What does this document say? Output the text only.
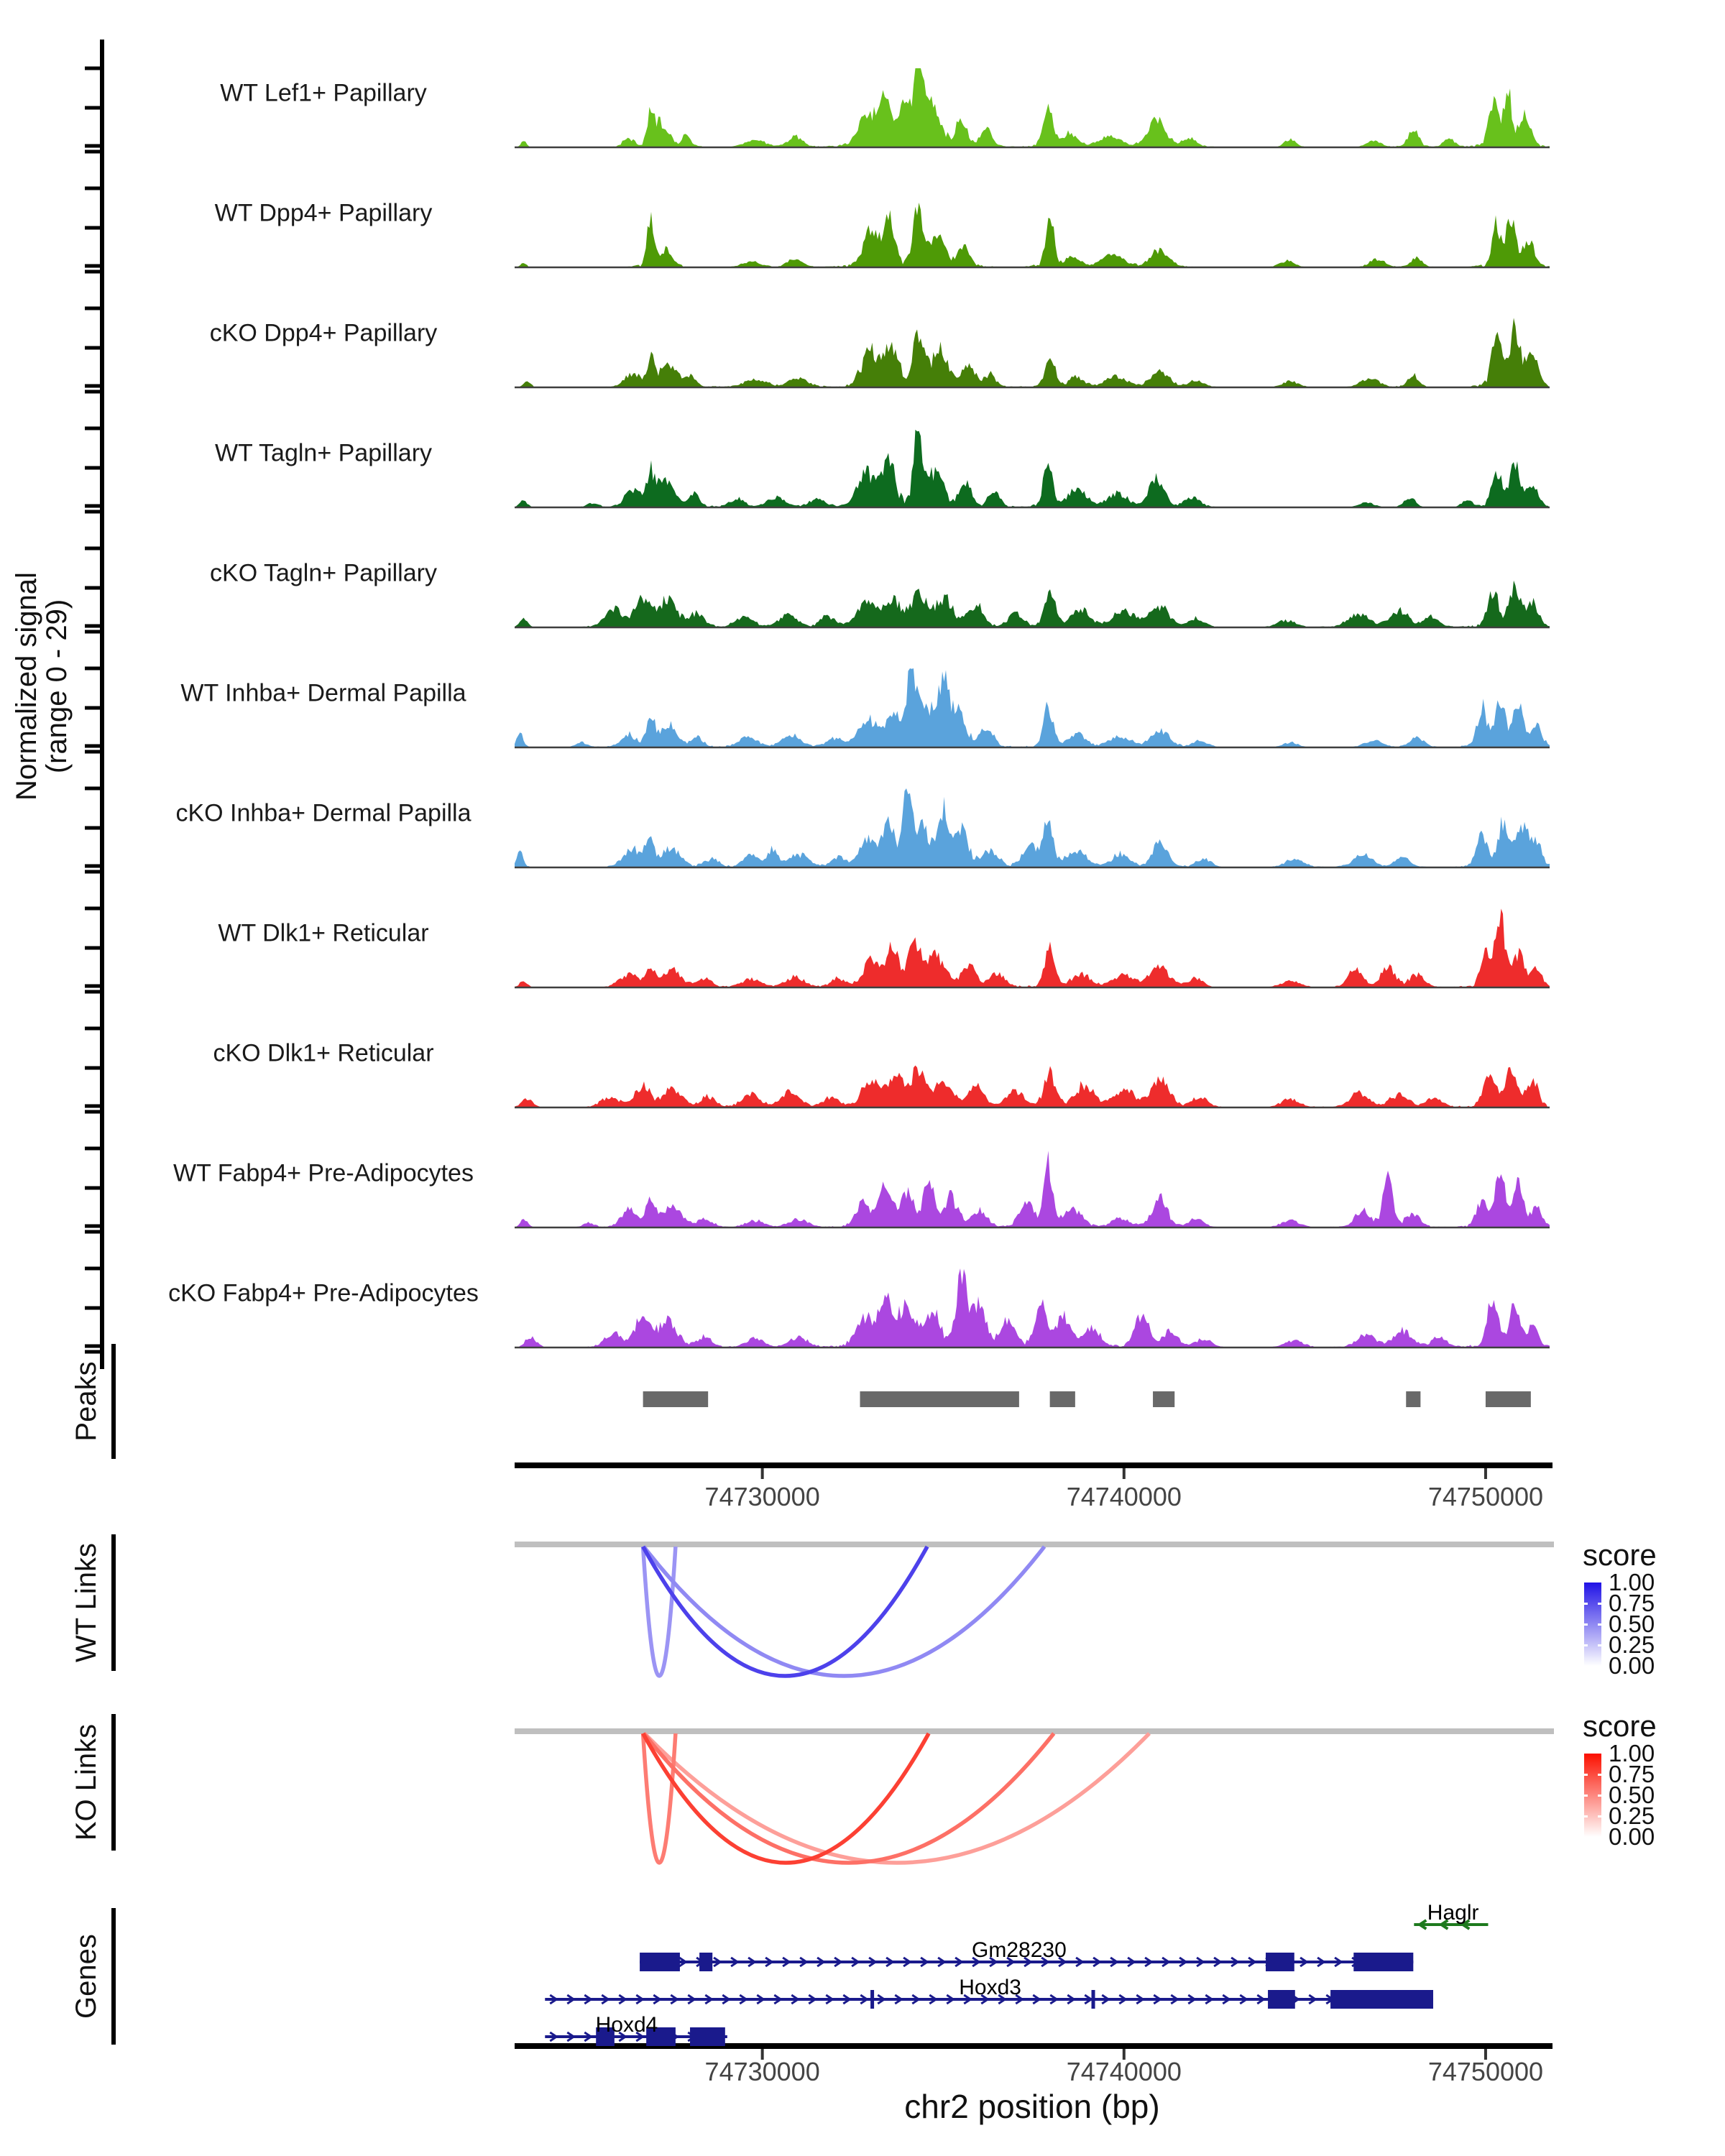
Normalized signal
(range 0 - 29)
WT Lef1+ Papillary
WT Dpp4+ Papillary
cKO Dpp4+ Papillary
WT Tagln+ Papillary
cKO Tagln+ Papillary
WT Inhba+ Dermal Papilla
cKO Inhba+ Dermal Papilla
WT Dlk1+ Reticular
cKO Dlk1+ Reticular
WT Fabp4+ Pre-Adipocytes
cKO Fabp4+ Pre-Adipocytes
Peaks
WT Links
KO Links
Genes
74730000	74740000	74750000
74730000	74740000	74750000
score
1.00
0.75
0.50
0.25
0.00
score
1.00
0.75
0.50
0.25
0.00
chr2 position (bp)
Haglr
Gm28230
Hoxd3
Hoxd4
